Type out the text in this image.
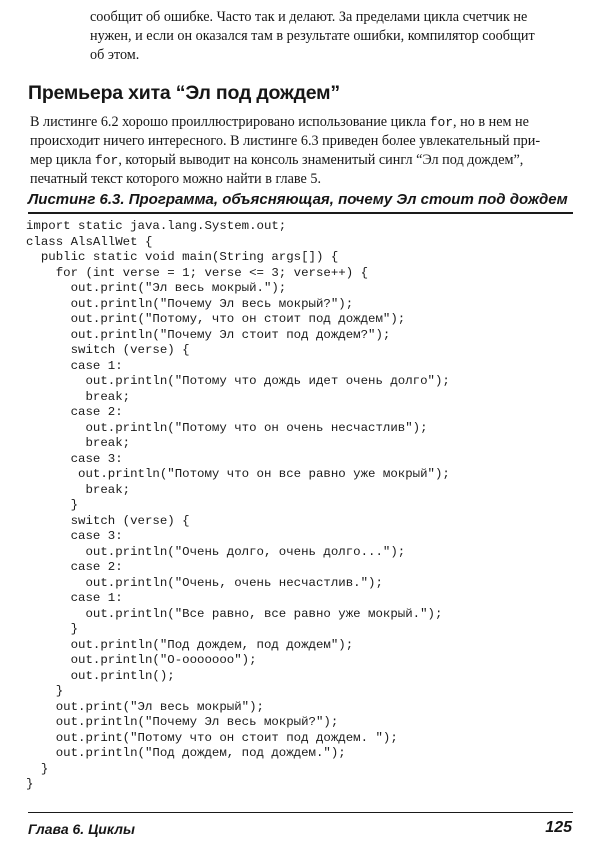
сообщит об ошибке. Часто так и делают. За пределами цикла счетчик не
нужен, и если он оказался там в результате ошибки, компилятор сообщит
об этом.

Премьера хита “Эл под дождем”

В листинге 6.2 хорошо проиллюстрировано использование цикла for, но в нем не
происходит ничего интересного. В листинге 6.3 приведен более увлекательный при-
мер цикла for, который выводит на консоль знаменитый сингл “Эл под дождем”,
печатный текст которого можно найти в главе 5.

Листинг 6.3. Программа, объясняющая, почему Эл стоит под дождем
import static java.lang.System.out;
class AlsAllWet {
public static void main(String args[]) {
for (int verse = 1; verse <= 3; verse++) {
out.print("Эл весь мокрый.");
out.println("Почему Эл весь мокрый?");
out.print("Потому, что он стоит под дождем");
out.println("Почему Эл стоит под дождем?");
switch (verse) {
case 1:
out.println("Потому что дождь идет очень долго");
break;
case 2:
out.println("Потому что он очень несчастлив");
break;
case 3:
out.println("Потому что он все равно уже мокрый");
break;
}
switch (verse) {
case 3:
out.println("Очень долго, очень долго...");
case 2:
out.println("Очень, очень несчастлив.");
case 1:
out.println("Все равно, все равно уже мокрый.");
}
out.println("Под дождем, под дождем");
out.println("О-ооооооо");
out.println();
}
out.print("Эл весь мокрый");
out.println("Почему Эл весь мокрый?");
out.print("Потому что он стоит под дождем. ");
out.println("Под дождем, под дождем.");
}
}
Глава 6. Циклы	125
